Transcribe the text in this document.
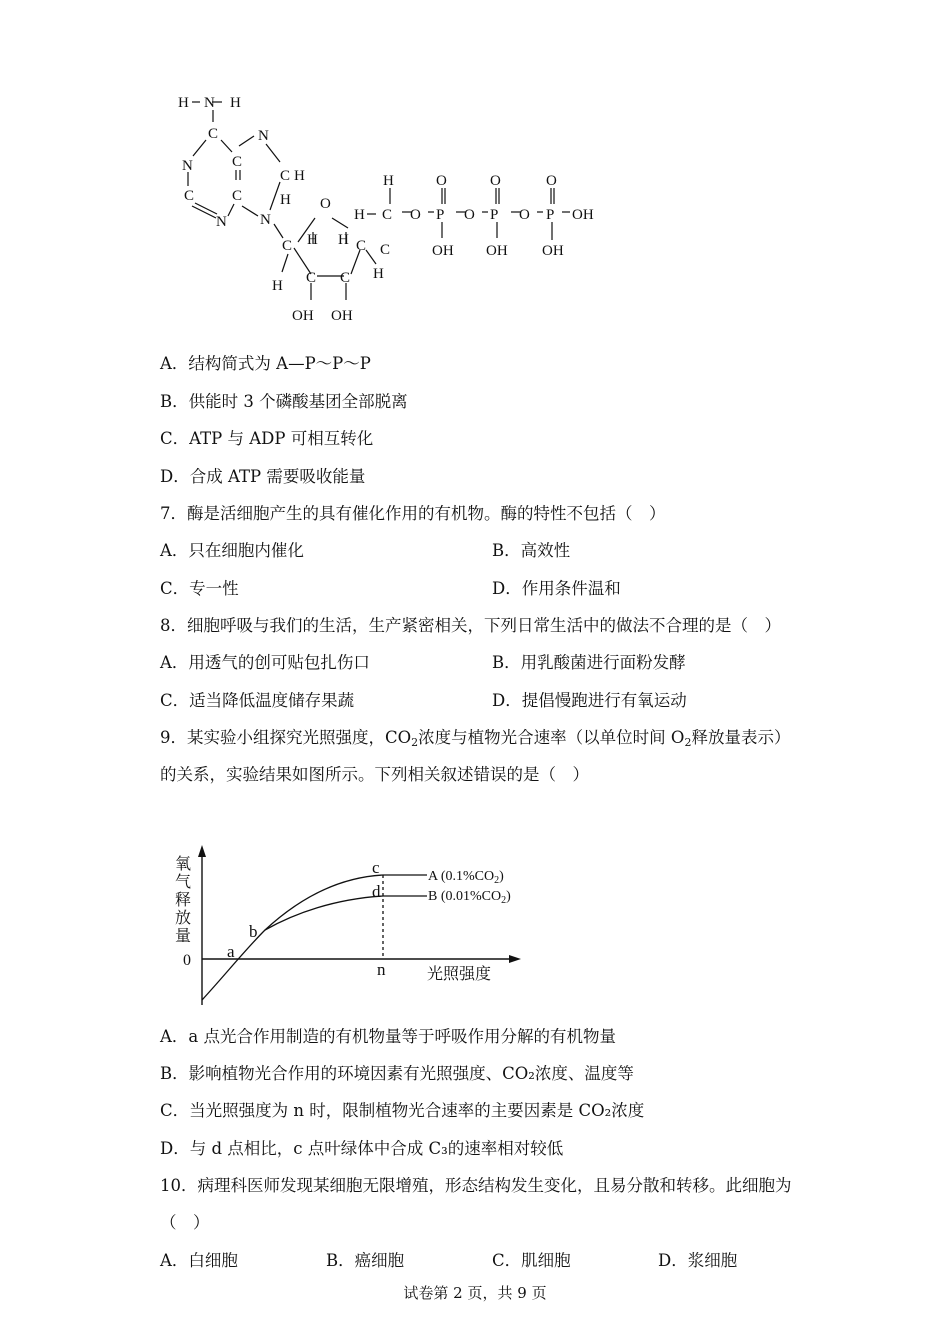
H N H
C	N
N	C
C	C
C H
N N
O
C H H C
C C
H
H
OH OH
H
H C O
O
P O
O
P O
O
P OH
OH OH OH
H
C
A．结构简式为 A—P～P～P
B．供能时 3 个磷酸基团全部脱离
C．ATP 与 ADP 可相互转化
D．合成 ATP 需要吸收能量
7．酶是活细胞产生的具有催化作用的有机物。酶的特性不包括（　）
A．只在细胞内催化	B．高效性
C．专一性	D．作用条件温和
8．细胞呼吸与我们的生活，生产紧密相关，下列日常生活中的做法不合理的是（　）
A．用透气的创可贴包扎伤口	B．用乳酸菌进行面粉发酵
C．适当降低温度储存果蔬	D．提倡慢跑进行有氧运动
9．某实验小组探究光照强度，$CO_2$浓度与植物光合速率（以单位时间 $O_2$释放量表示）
的关系，实验结果如图所示。下列相关叙述错误的是（　）
氧
气
释
放
量
0 a
b
c
d
n	光照强度
A $(0.1\%CO_2)$
B $(0.01\%CO_2)$
A．a 点光合作用制造的有机物量等于呼吸作用分解的有机物量
B．影响植物光合作用的环境因素有光照强度、CO₂浓度、温度等
C．当光照强度为 n 时，限制植物光合速率的主要因素是 CO₂浓度
D．与 d 点相比，c 点叶绿体中合成 C₃的速率相对较低
10．病理科医师发现某细胞无限增殖，形态结构发生变化，且易分散和转移。此细胞为
（　）
A．白细胞	B．癌细胞	C．肌细胞	D．浆细胞
试卷第 2 页，共 9 页
